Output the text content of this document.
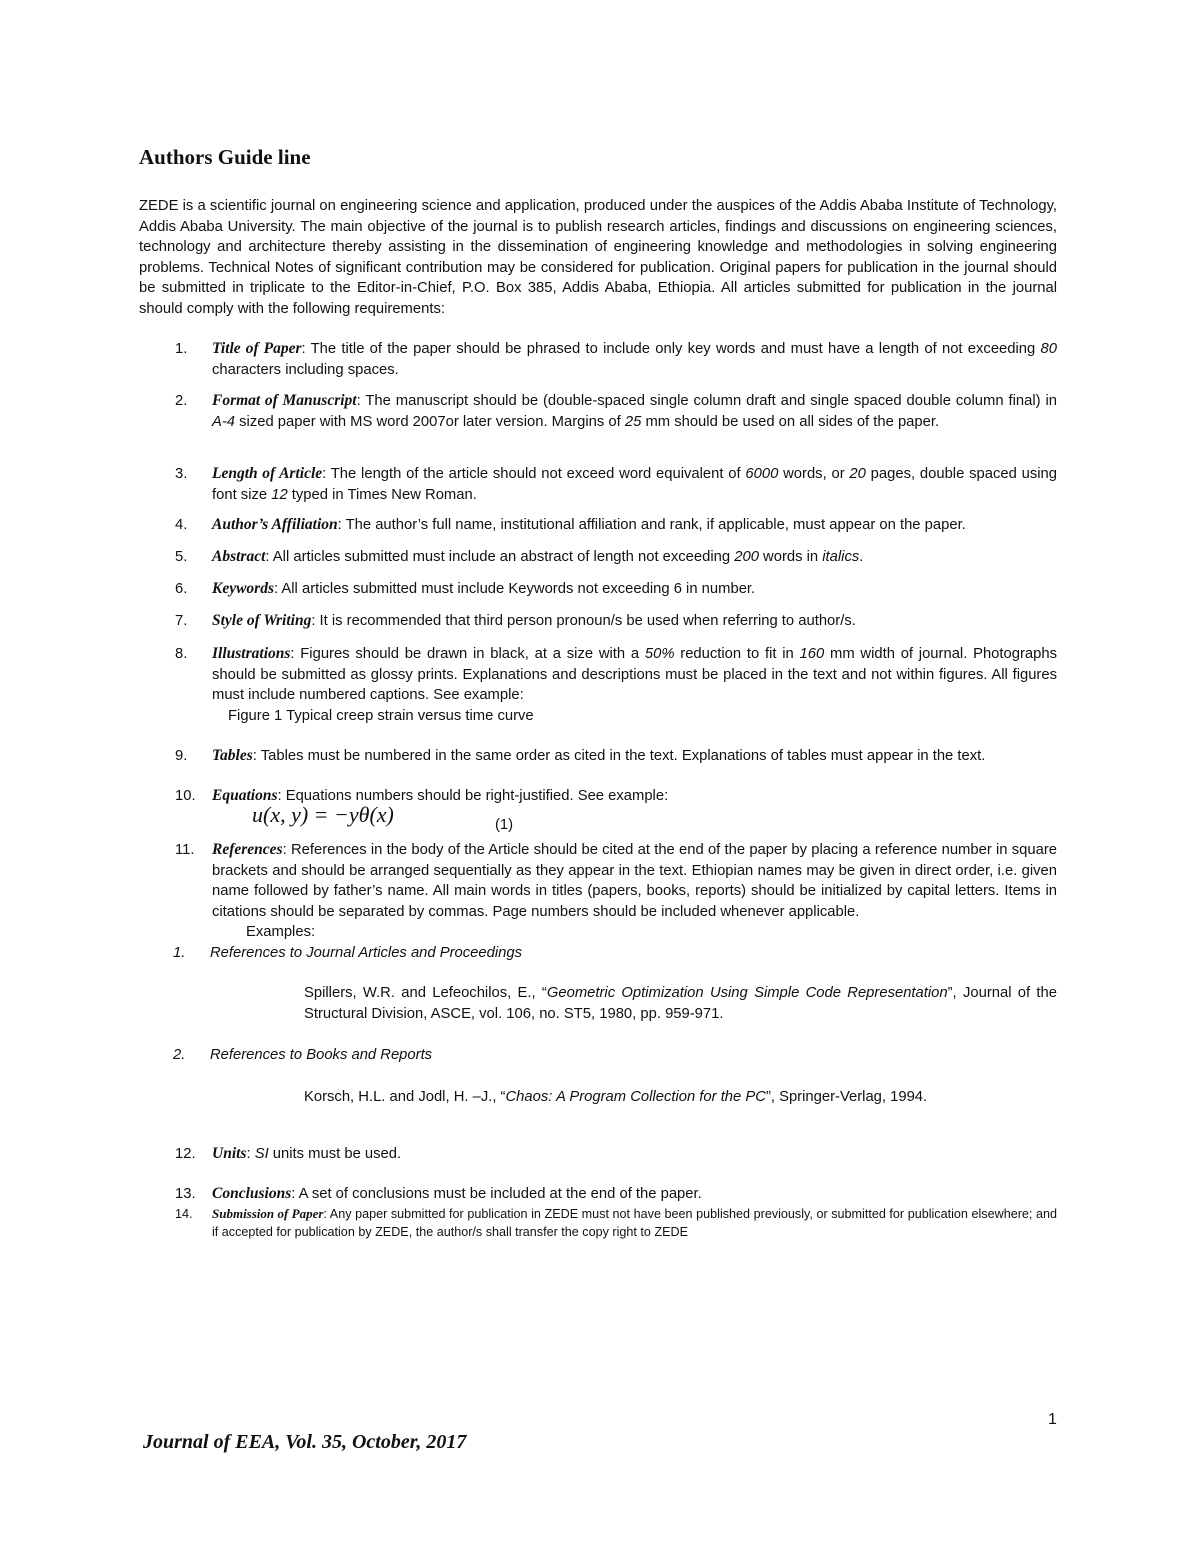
Authors Guide line

ZEDE is a scientific journal on engineering science and application, produced under the auspices of the Addis Ababa Institute of Technology, Addis Ababa University. The main objective of the journal is to publish research articles, findings and discussions on engineering sciences, technology and architecture thereby assisting in the dissemination of engineering knowledge and methodologies in solving engineering problems. Technical Notes of significant contribution may be considered for publication. Original papers for publication in the journal should be submitted in triplicate to the Editor-in-Chief, P.O. Box 385, Addis Ababa, Ethiopia. All articles submitted for publication in the journal should comply with the following requirements:

1.	Title of Paper: The title of the paper should be phrased to include only key words and must have a length of not exceeding 80 characters including spaces.
2.	Format of Manuscript: The manuscript should be (double-spaced single column draft and single spaced double column final) in A-4 sized paper with MS word 2007or later version. Margins of 25 mm should be used on all sides of the paper.
3.	Length of Article: The length of the article should not exceed word equivalent of 6000 words, or 20 pages, double spaced using font size 12 typed in Times New Roman.
4.	Author’s Affiliation: The author’s full name, institutional affiliation and rank, if applicable, must appear on the paper.
5.	Abstract: All articles submitted must include an abstract of length not exceeding 200 words in italics.
6.	Keywords: All articles submitted must include Keywords not exceeding 6 in number.
7.	Style of Writing: It is recommended that third person pronoun/s be used when referring to author/s.
8.	Illustrations: Figures should be drawn in black, at a size with a 50% reduction to fit in 160 mm width of journal. Photographs should be submitted as glossy prints. Explanations and descriptions must be placed in the text and not within figures. All figures must include numbered captions. See example:
Figure 1 Typical creep strain versus time curve
9.	Tables: Tables must be numbered in the same order as cited in the text. Explanations of tables must appear in the text.
10.	Equations: Equations numbers should be right-justified. See example:
u(x, y) = −yθ(x)	(1)
11.	References: References in the body of the Article should be cited at the end of the paper by placing a reference number in square brackets and should be arranged sequentially as they appear in the text. Ethiopian names may be given in direct order, i.e. given name followed by father’s name. All main words in titles (papers, books, reports) should be initialized by capital letters. Items in citations should be separated by commas. Page numbers should be included whenever applicable.
Examples:
1. References to Journal Articles and Proceedings
Spillers, W.R. and Lefeochilos, E., “Geometric Optimization Using Simple Code Representation”, Journal of the Structural Division, ASCE, vol. 106, no. ST5, 1980, pp. 959-971.
2. References to Books and Reports
Korsch, H.L. and Jodl, H. –J., “Chaos: A Program Collection for the PC”, Springer-Verlag, 1994.
12.	Units: SI units must be used.
13.	Conclusions: A set of conclusions must be included at the end of the paper.
14.	Submission of Paper: Any paper submitted for publication in ZEDE must not have been published previously, or submitted for publication elsewhere; and if accepted for publication by ZEDE, the author/s shall transfer the copy right to ZEDE
1
Journal of EEA, Vol. 35, October, 2017
